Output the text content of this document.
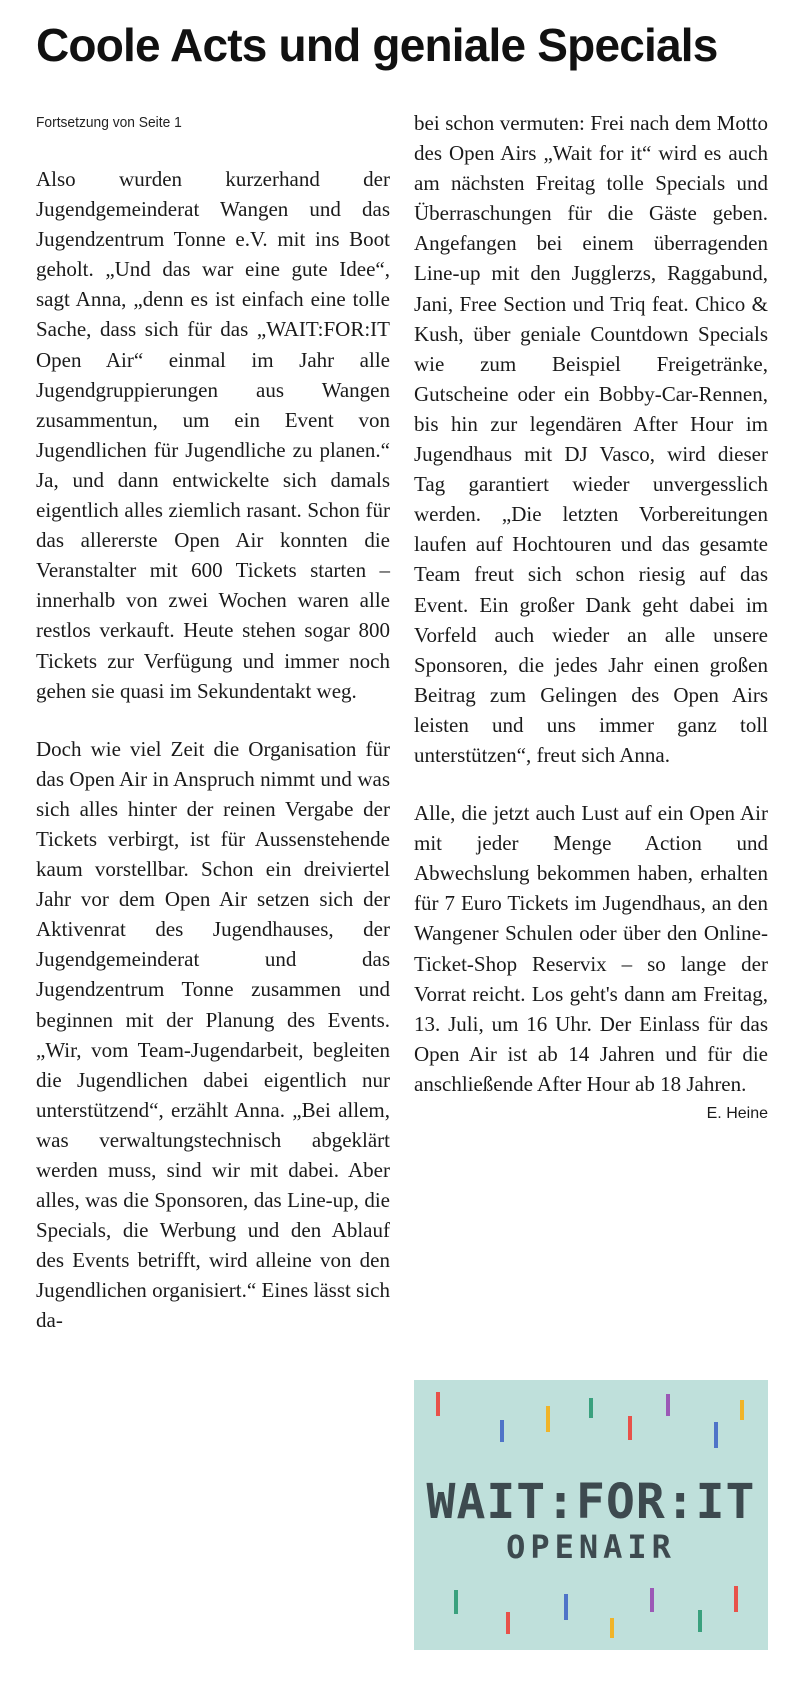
Coole Acts und geniale Specials
Fortsetzung von Seite 1

Also wurden kurzerhand der Jugendgemeinderat Wangen und das Jugendzentrum Tonne e.V. mit ins Boot geholt. „Und das war eine gute Idee“, sagt Anna, „denn es ist einfach eine tolle Sache, dass sich für das „WAIT:FOR:IT Open Air“ einmal im Jahr alle Jugendgruppierungen aus Wangen zusammentun, um ein Event von Jugendlichen für Jugendliche zu planen.“ Ja, und dann entwickelte sich damals eigentlich alles ziemlich rasant. Schon für das allererste Open Air konnten die Veranstalter mit 600 Tickets starten – innerhalb von zwei Wochen waren alle restlos verkauft. Heute stehen sogar 800 Tickets zur Verfügung und immer noch gehen sie quasi im Sekundentakt weg.

Doch wie viel Zeit die Organisation für das Open Air in Anspruch nimmt und was sich alles hinter der reinen Vergabe der Tickets verbirgt, ist für Aussenstehende kaum vorstellbar. Schon ein dreiviertel Jahr vor dem Open Air setzen sich der Aktivenrat des Jugendhauses, der Jugendgemeinderat und das Jugendzentrum Tonne zusammen und beginnen mit der Planung des Events. „Wir, vom Team-Jugendarbeit, begleiten die Jugendlichen dabei eigentlich nur unterstützend“, erzählt Anna. „Bei allem, was verwaltungstechnisch abgeklärt werden muss, sind wir mit dabei. Aber alles, was die Sponsoren, das Line-up, die Specials, die Werbung und den Ablauf des Events betrifft, wird alleine von den Jugendlichen organisiert.“ Eines lässt sich da-

bei schon vermuten: Frei nach dem Motto des Open Airs „Wait for it“ wird es auch am nächsten Freitag tolle Specials und Überraschungen für die Gäste geben. Angefangen bei einem überragenden Line-up mit den Jugglerzs, Raggabund, Jani, Free Section und Triq feat. Chico & Kush, über geniale Countdown Specials wie zum Beispiel Freigetränke, Gutscheine oder ein Bobby-Car-Rennen, bis hin zur legendären After Hour im Jugendhaus mit DJ Vasco, wird dieser Tag garantiert wieder unvergesslich werden. „Die letzten Vorbereitungen laufen auf Hochtouren und das gesamte Team freut sich schon riesig auf das Event. Ein großer Dank geht dabei im Vorfeld auch wieder an alle unsere Sponsoren, die jedes Jahr einen großen Beitrag zum Gelingen des Open Airs leisten und uns immer ganz toll unterstützen“, freut sich Anna.

Alle, die jetzt auch Lust auf ein Open Air mit jeder Menge Action und Abwechslung bekommen haben, erhalten für 7 Euro Tickets im Jugendhaus, an den Wangener Schulen oder über den Online-Ticket-Shop Reservix – so lange der Vorrat reicht. Los geht's dann am Freitag, 13. Juli, um 16 Uhr. Der Einlass für das Open Air ist ab 14 Jahren und für die anschließende After Hour ab 18 Jahren.
E. Heine

WAIT:FOR:IT
OPENAIR
